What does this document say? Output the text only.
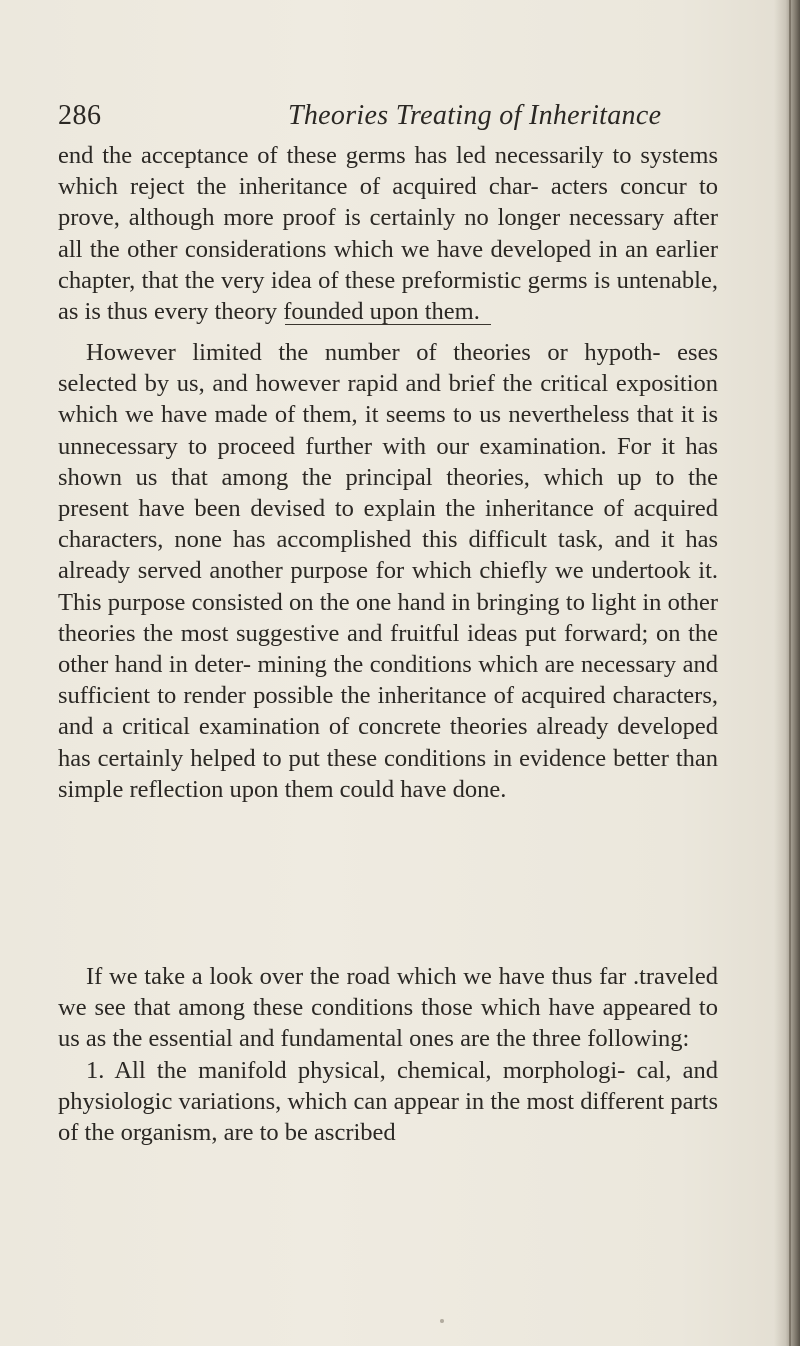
286	Theories Treating of Inheritance

end the acceptance of these germs has led necessarily to systems which reject the inheritance of acquired char- acters concur to prove, although more proof is certainly no longer necessary after all the other considerations which we have developed in an earlier chapter, that the very idea of these preformistic germs is untenable, as is thus every theory founded upon them.

However limited the number of theories or hypoth- eses selected by us, and however rapid and brief the critical exposition which we have made of them, it seems to us nevertheless that it is unnecessary to proceed further with our examination. For it has shown us that among the principal theories, which up to the present have been devised to explain the inheritance of acquired characters, none has accomplished this difficult task, and it has already served another purpose for which chiefly we undertook it. This purpose consisted on the one hand in bringing to light in other theories the most suggestive and fruitful ideas put forward; on the other hand in deter- mining the conditions which are necessary and sufficient to render possible the inheritance of acquired characters, and a critical examination of concrete theories already developed has certainly helped to put these conditions in evidence better than simple reflection upon them could have done.

If we take a look over the road which we have thus far .traveled we see that among these conditions those which have appeared to us as the essential and fundamental ones are the three following:

1. All the manifold physical, chemical, morphologi- cal, and physiologic variations, which can appear in the most different parts of the organism, are to be ascribed
